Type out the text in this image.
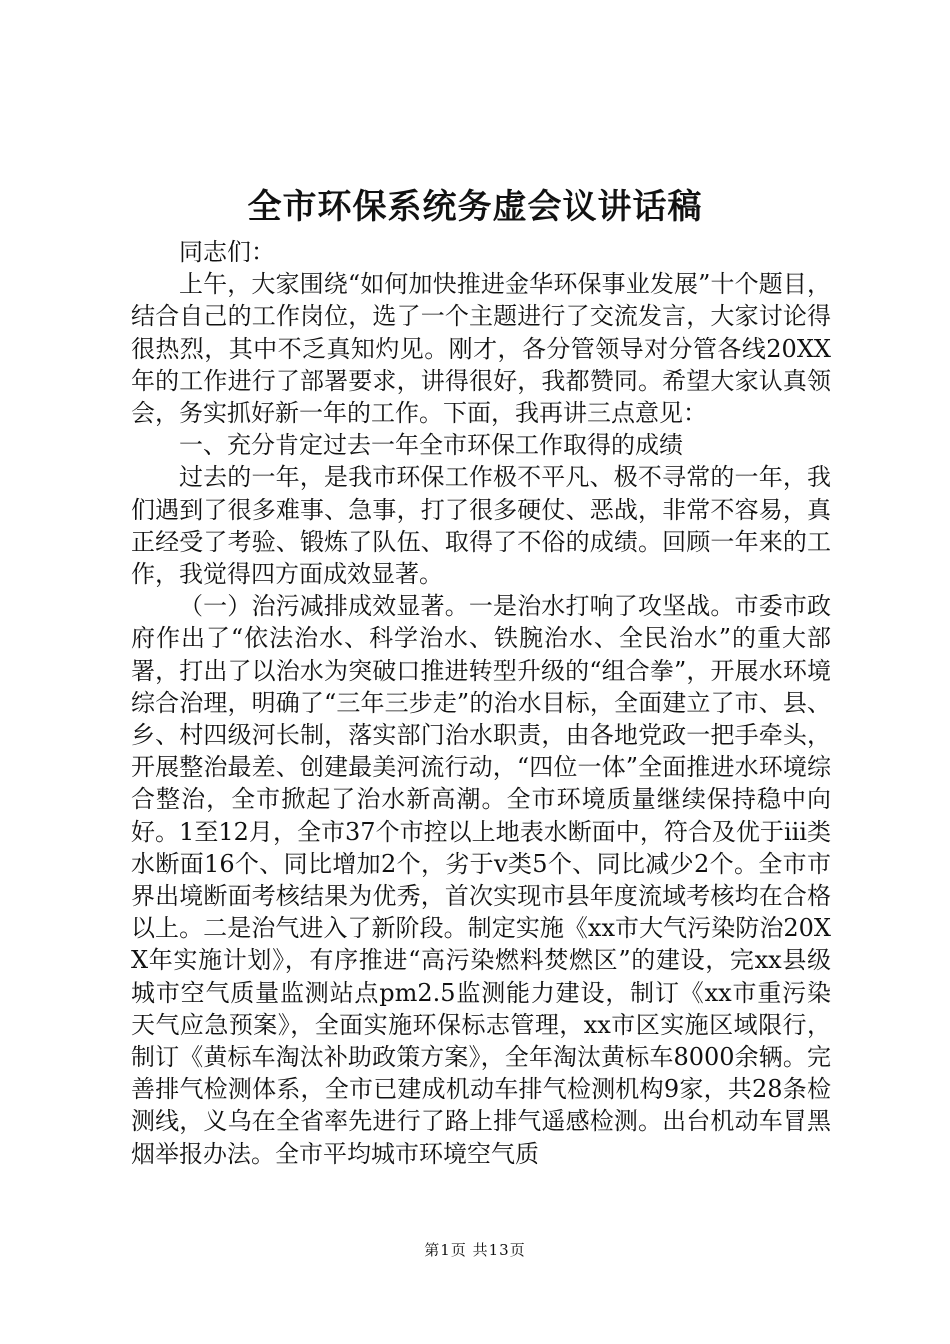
全市环保系统务虚会议讲话稿

同志们：

上午，大家围绕“如何加快推进金华环保事业发展”十个题目，结合自己的工作岗位，选了一个主题进行了交流发言，大家讨论得很热烈，其中不乏真知灼见。刚才，各分管领导对分管各线20XX年的工作进行了部署要求，讲得很好，我都赞同。希望大家认真领会，务实抓好新一年的工作。下面，我再讲三点意见：

一、充分肯定过去一年全市环保工作取得的成绩

过去的一年，是我市环保工作极不平凡、极不寻常的一年，我们遇到了很多难事、急事，打了很多硬仗、恶战，非常不容易，真正经受了考验、锻炼了队伍、取得了不俗的成绩。回顾一年来的工作，我觉得四方面成效显著。

（一）治污减排成效显著。一是治水打响了攻坚战。市委市政府作出了“依法治水、科学治水、铁腕治水、全民治水”的重大部署，打出了以治水为突破口推进转型升级的“组合拳”，开展水环境综合治理，明确了“三年三步走”的治水目标，全面建立了市、县、乡、村四级河长制，落实部门治水职责，由各地党政一把手牵头，开展整治最差、创建最美河流行动，“四位一体”全面推进水环境综合整治，全市掀起了治水新高潮。全市环境质量继续保持稳中向好。1至12月，全市37个市控以上地表水断面中，符合及优于iii类水断面16个、同比增加2个，劣于v类5个、同比减少2个。全市市界出境断面考核结果为优秀，首次实现市县年度流域考核均在合格以上。二是治气进入了新阶段。制定实施《xx市大气污染防治20XX年实施计划》，有序推进“高污染燃料焚燃区”的建设，完xx县级城市空气质量监测站点pm2.5监测能力建设，制订《xx市重污染天气应急预案》，全面实施环保标志管理，xx市区实施区域限行，制订《黄标车淘汰补助政策方案》，全年淘汰黄标车8000余辆。完善排气检测体系，全市已建成机动车排气检测机构9家，共28条检测线，义乌在全省率先进行了路上排气遥感检测。出台机动车冒黑烟举报办法。全市平均城市环境空气质

第1页 共13页
